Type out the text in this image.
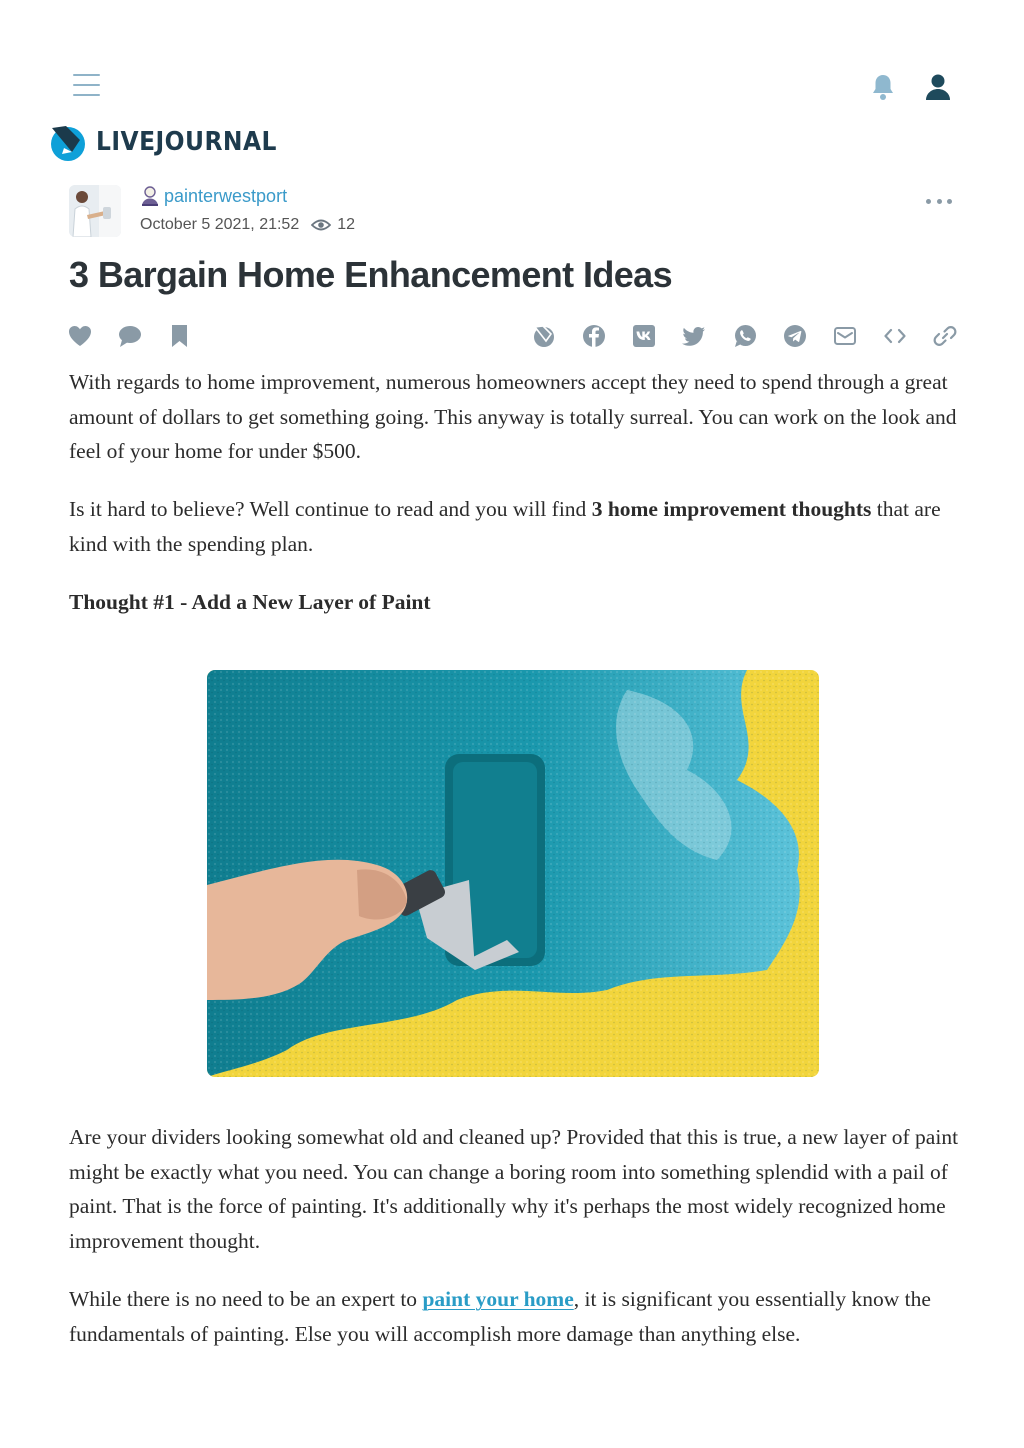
LIVEJOURNAL
painterwestport
October 5 2021, 21:52 12
3 Bargain Home Enhancement Ideas

With regards to home improvement, numerous homeowners accept they need to spend through a great amount of dollars to get something going. This anyway is totally surreal. You can work on the look and feel of your home for under $500.

Is it hard to believe? Well continue to read and you will find 3 home improvement thoughts that are kind with the spending plan.

Thought #1 - Add a New Layer of Paint

Are your dividers looking somewhat old and cleaned up? Provided that this is true, a new layer of paint might be exactly what you need. You can change a boring room into something splendid with a pail of paint. That is the force of painting. It's additionally why it's perhaps the most widely recognized home improvement thought.

While there is no need to be an expert to paint your home, it is significant you essentially know the fundamentals of painting. Else you will accomplish more damage than anything else.
